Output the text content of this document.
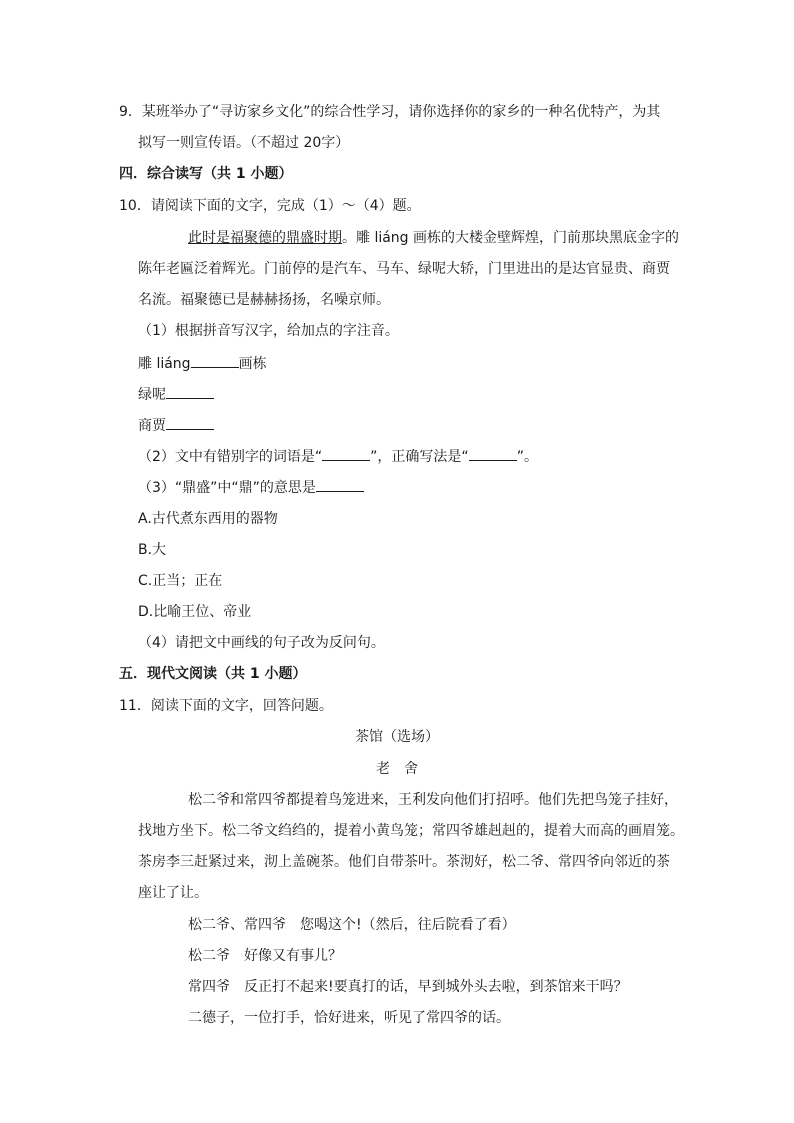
9．某班举办了“寻访家乡文化”的综合性学习，请你选择你的家乡的一种名优特产，为其
拟写一则宣传语。（不超过 20字）
四．综合读写（共 1 小题）
10．请阅读下面的文字，完成（1）～（4）题。
此时是福聚德的鼎盛时期。雕 liáng 画栋的大楼金壁辉煌，门前那块黑底金字的
陈年老匾泛着辉光。门前停的是汽车、马车、绿呢大轿，门里进出的是达官显贵、商贾
名流。福聚德已是赫赫扬扬，名噪京师。
（1）根据拼音写汉字，给加点的字注音。
雕 liáng	画栋
绿呢
商贾
（2）文中有错别字的词语是“	”，正确写法是“	”。
（3）“鼎盛”中“鼎”的意思是
A.古代煮东西用的器物
B.大
C.正当；正在
D.比喻王位、帝业
（4）请把文中画线的句子改为反问句。
五．现代文阅读（共 1 小题）
11．阅读下面的文字，回答问题。
茶馆（选场）
老　舍
松二爷和常四爷都提着鸟笼进来，王利发向他们打招呼。他们先把鸟笼子挂好，
找地方坐下。松二爷文绉绉的，提着小黄鸟笼；常四爷雄赳赳的，提着大而高的画眉笼。
茶房李三赶紧过来，沏上盖碗茶。他们自带茶叶。茶沏好，松二爷、常四爷向邻近的茶
座让了让。
松二爷、常四爷　您喝这个!（然后，往后院看了看）
松二爷　好像又有事儿？
常四爷　反正打不起来!要真打的话，早到城外头去啦，到茶馆来干吗？
二德子，一位打手，恰好进来，听见了常四爷的话。
